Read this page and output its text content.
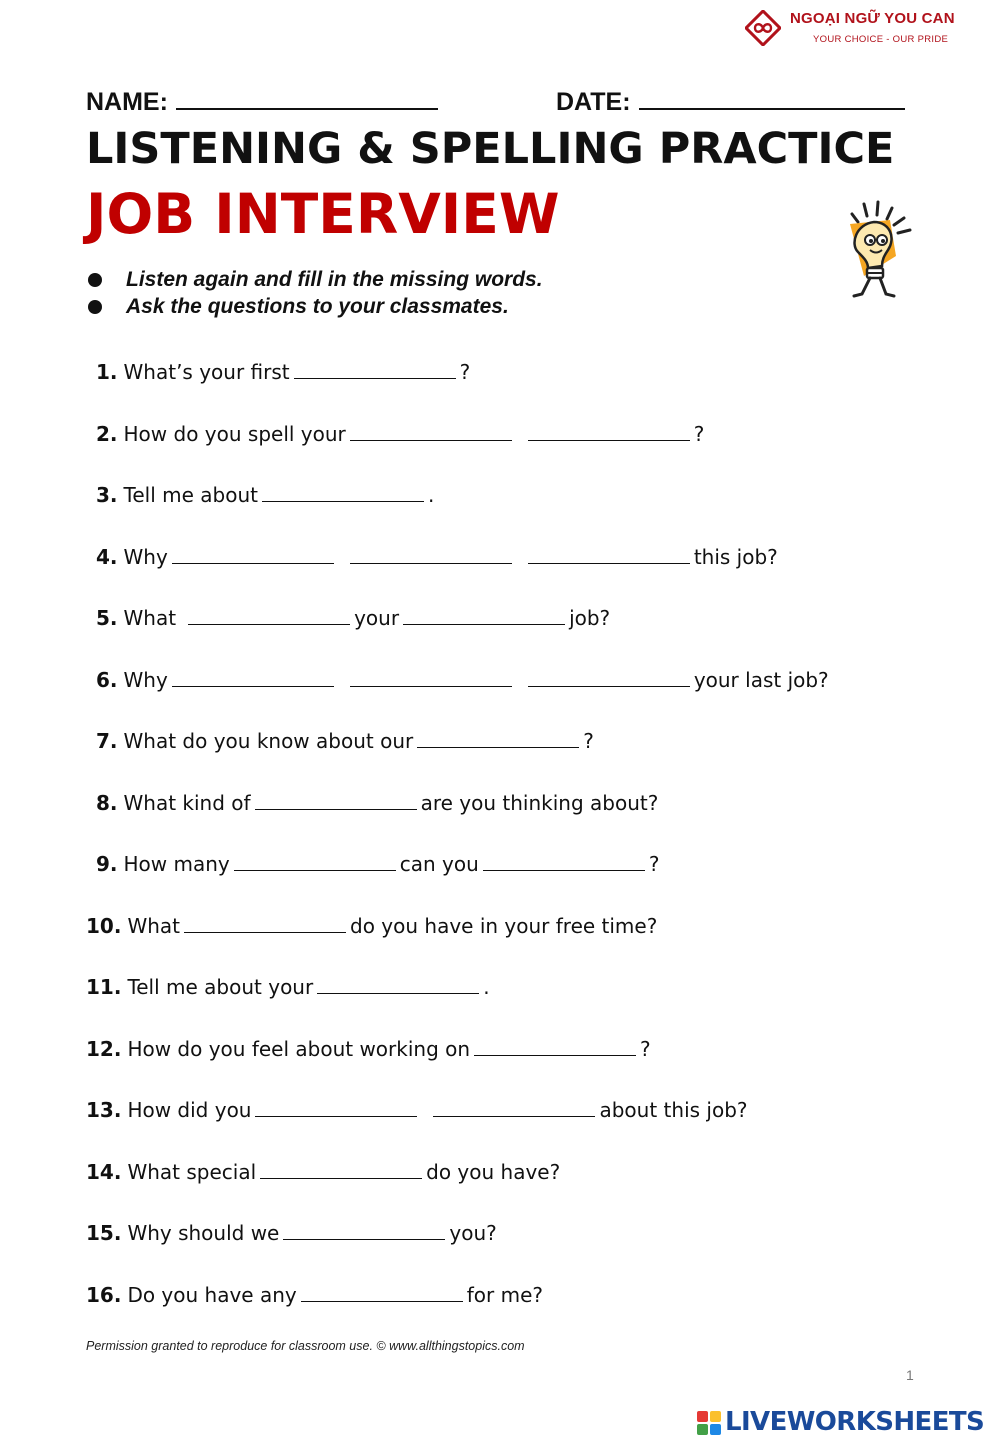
NGOẠI NGỮ YOU CAN
YOUR CHOICE - OUR PRIDE
NAME:	DATE:
LISTENING & SPELLING PRACTICE
JOB INTERVIEW
Listen again and fill in the missing words.
Ask the questions to your classmates.
1. What’s your first	?
2. How do you spell your	?
3. Tell me about	.
4. Why	this job?
5. What	your	job?
6. Why	your last job?
7. What do you know about our	?
8. What kind of	are you thinking about?
9. How many	can you	?
10. What	do you have in your free time?
11. Tell me about your	.
12. How do you feel about working on	?
13. How did you	about this job?
14. What special	do you have?
15. Why should we	you?
16. Do you have any	for me?
Permission granted to reproduce for classroom use. © www.allthingstopics.com
1
LIVEWORKSHEETS
